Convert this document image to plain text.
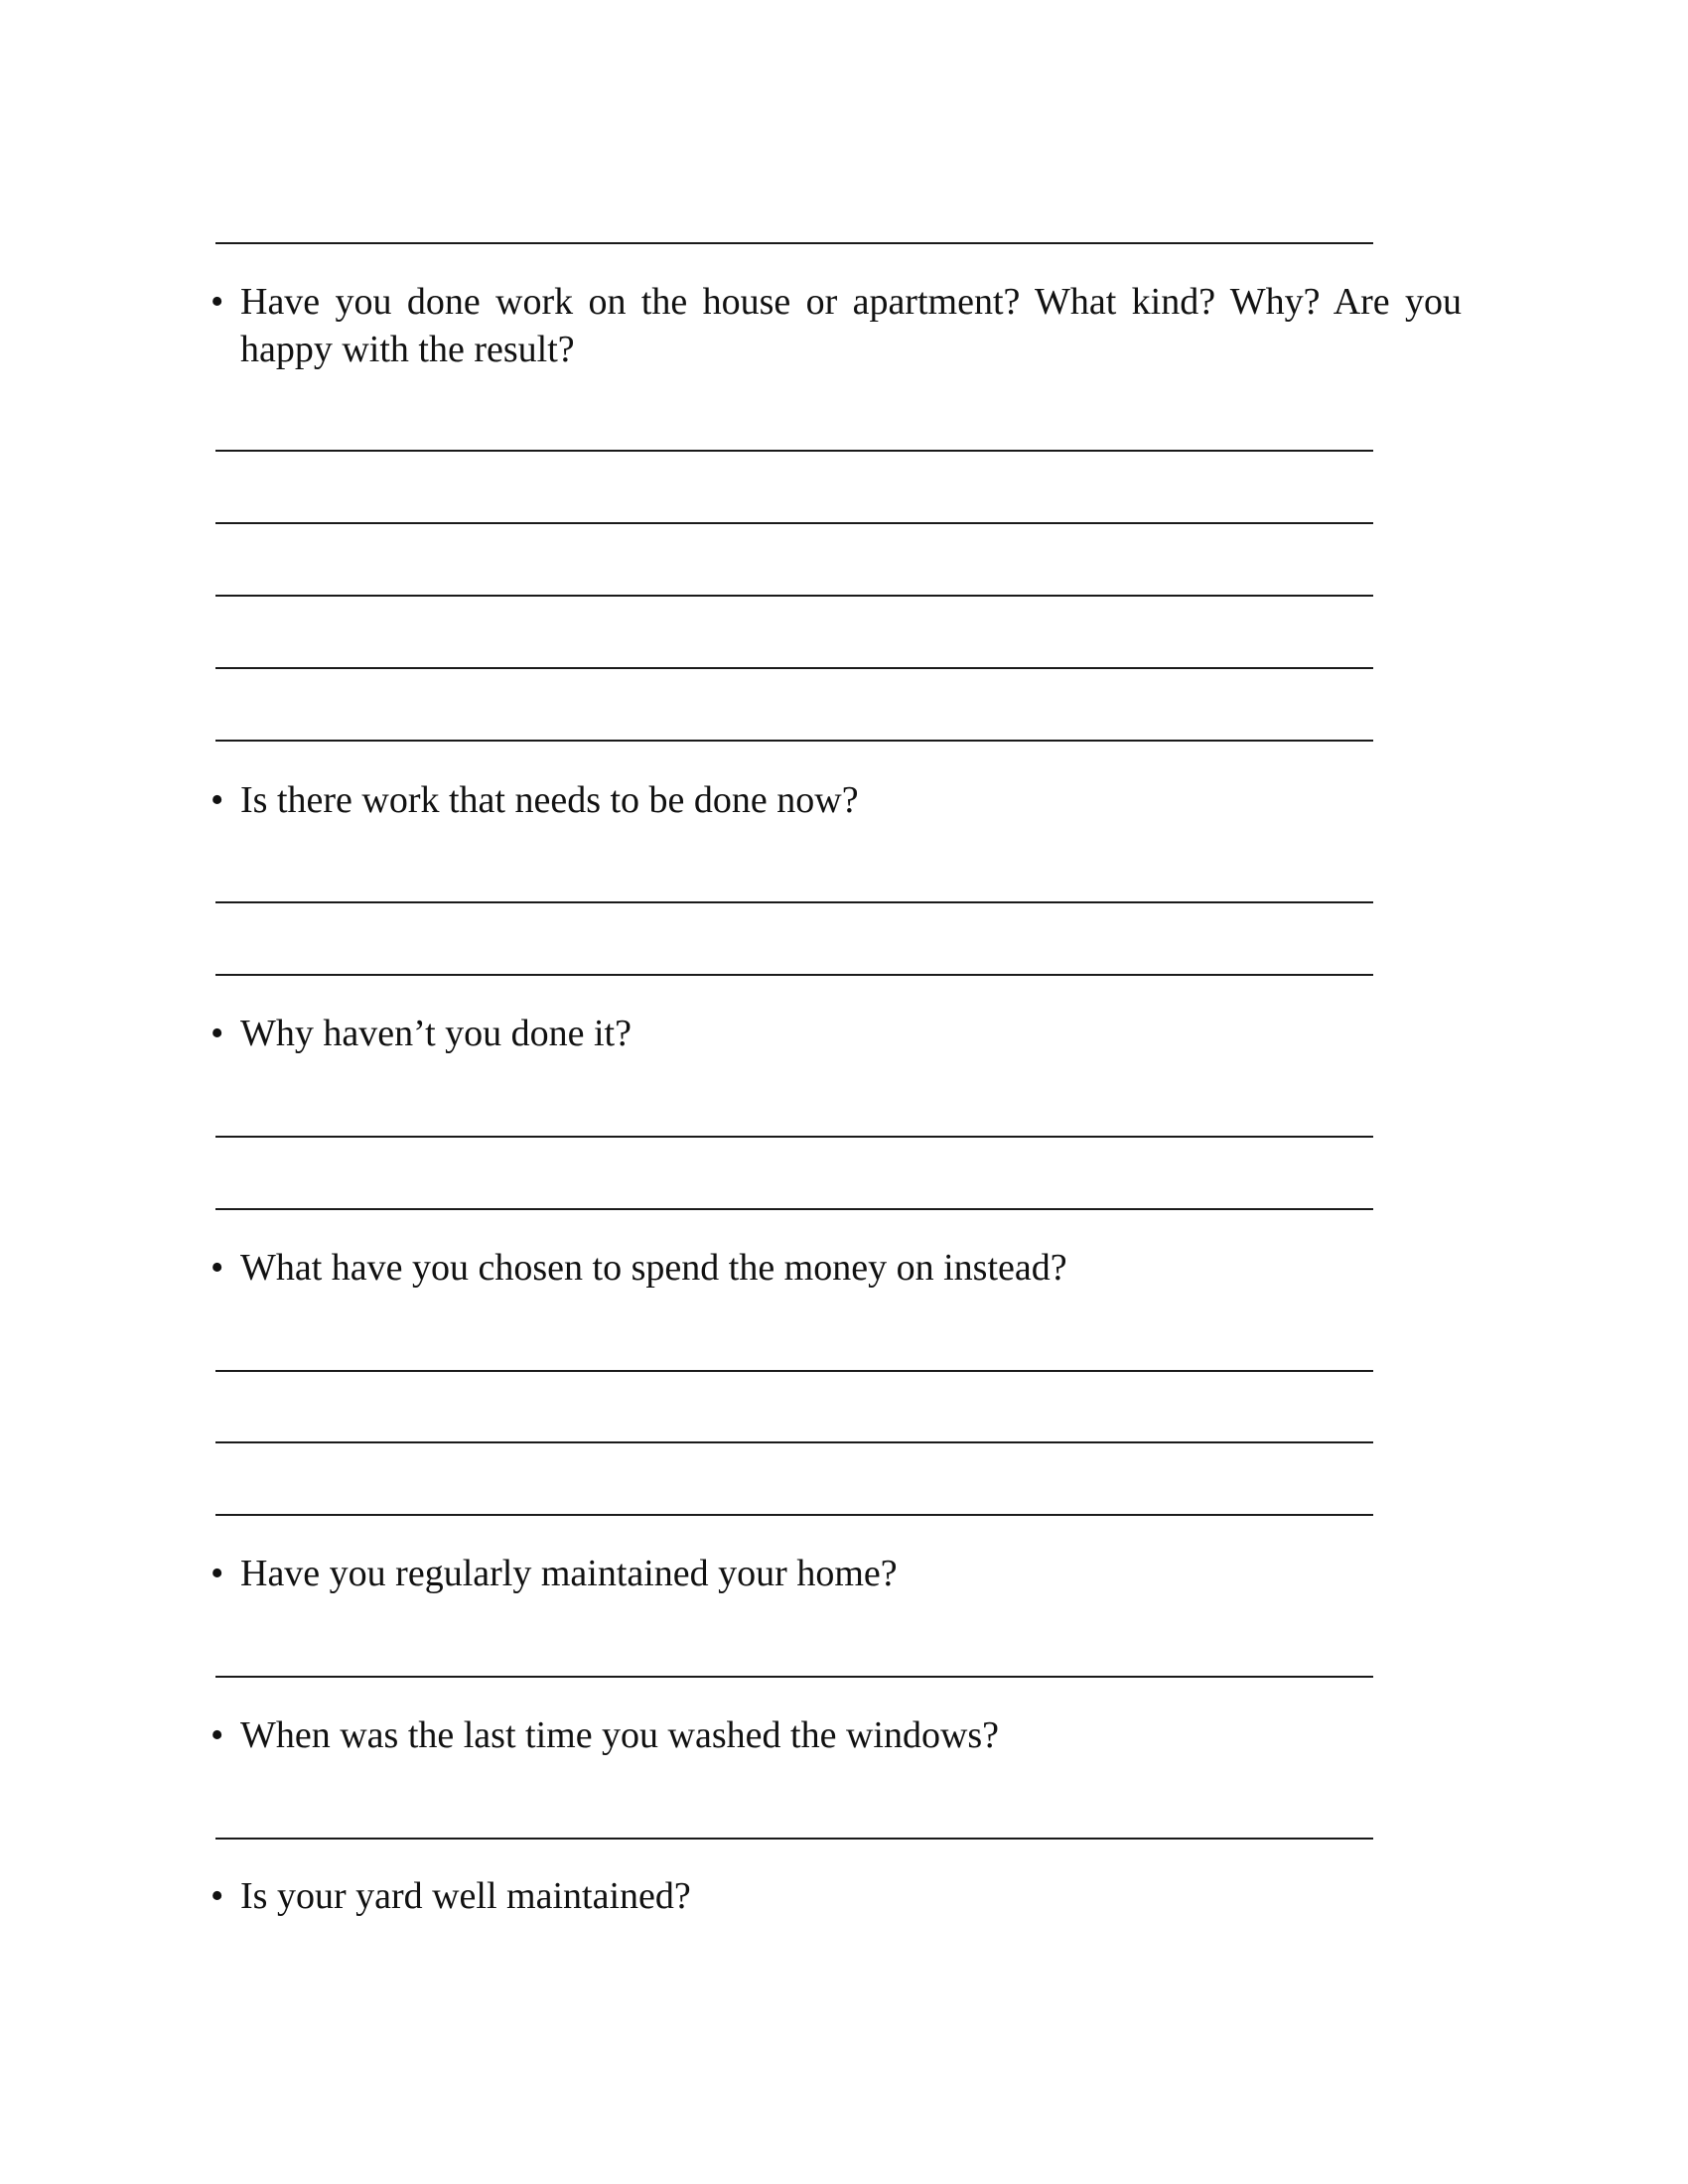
• Have you done work on the house or apartment? What kind? Why? Are you happy with the result?
• Is there work that needs to be done now?
• Why haven’t you done it?
• What have you chosen to spend the money on instead?
• Have you regularly maintained your home?
• When was the last time you washed the windows?
• Is your yard well maintained?
